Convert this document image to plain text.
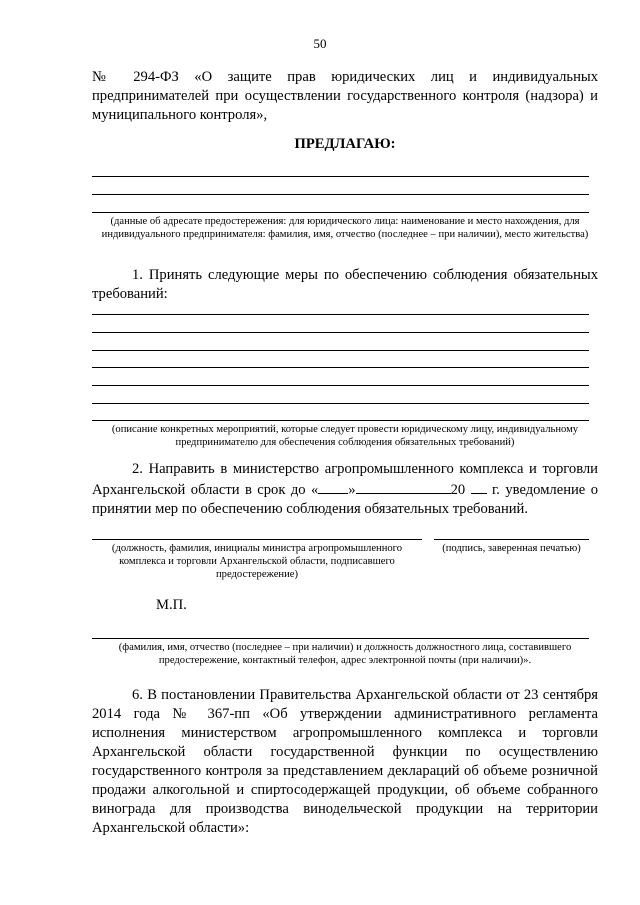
50
№ 294-ФЗ «О защите прав юридических лиц и индивидуальных предпринимателей при осуществлении государственного контроля (надзора) и муниципального контроля»,
ПРЕДЛАГАЮ:
(данные об адресате предостережения: для юридического лица: наименование и место нахождения, для индивидуального предпринимателя: фамилия, имя, отчество (последнее – при наличии), место жительства)
1. Принять следующие меры по обеспечению соблюдения обязательных требований:
(описание конкретных мероприятий, которые следует провести юридическому лицу, индивидуальному предпринимателю для обеспечения соблюдения обязательных требований)
2. Направить в министерство агропромышленного комплекса и торговли Архангельской области в срок до « »	20 г. уведомление о принятии мер по обеспечению соблюдения обязательных требований.
(должность, фамилия, инициалы министра агропромышленного комплекса и торговли Архангельской области, подписавшего предостережение)
(подпись, заверенная печатью)
М.П.
(фамилия, имя, отчество (последнее – при наличии) и должность должностного лица, составившего предостережение, контактный телефон, адрес электронной почты (при наличии)».
6. В постановлении Правительства Архангельской области от 23 сентября 2014 года № 367-пп «Об утверждении административного регламента исполнения министерством агропромышленного комплекса и торговли Архангельской области государственной функции по осуществлению государственного контроля за представлением деклараций об объеме розничной продажи алкогольной и спиртосодержащей продукции, об объеме собранного винограда для производства винодельческой продукции на территории Архангельской области»:
